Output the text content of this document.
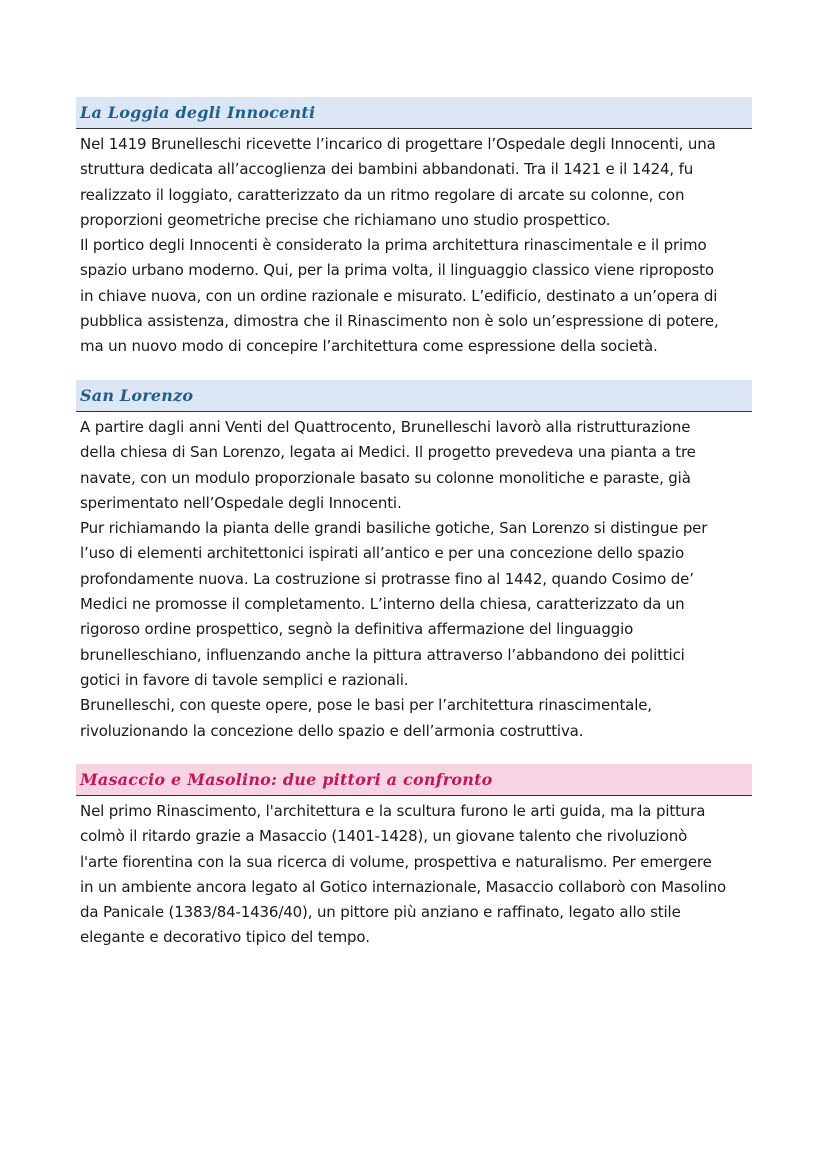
La Loggia degli Innocenti

Nel 1419 Brunelleschi ricevette l’incarico di progettare l’Ospedale degli Innocenti, una
struttura dedicata all’accoglienza dei bambini abbandonati. Tra il 1421 e il 1424, fu
realizzato il loggiato, caratterizzato da un ritmo regolare di arcate su colonne, con
proporzioni geometriche precise che richiamano uno studio prospettico.
Il portico degli Innocenti è considerato la prima architettura rinascimentale e il primo
spazio urbano moderno. Qui, per la prima volta, il linguaggio classico viene riproposto
in chiave nuova, con un ordine razionale e misurato. L’edificio, destinato a un’opera di
pubblica assistenza, dimostra che il Rinascimento non è solo un’espressione di potere,
ma un nuovo modo di concepire l’architettura come espressione della società.

San Lorenzo

A partire dagli anni Venti del Quattrocento, Brunelleschi lavorò alla ristrutturazione
della chiesa di San Lorenzo, legata ai Medici. Il progetto prevedeva una pianta a tre
navate, con un modulo proporzionale basato su colonne monolitiche e paraste, già
sperimentato nell’Ospedale degli Innocenti.
Pur richiamando la pianta delle grandi basiliche gotiche, San Lorenzo si distingue per
l’uso di elementi architettonici ispirati all’antico e per una concezione dello spazio
profondamente nuova. La costruzione si protrasse fino al 1442, quando Cosimo de’
Medici ne promosse il completamento. L’interno della chiesa, caratterizzato da un
rigoroso ordine prospettico, segnò la definitiva affermazione del linguaggio
brunelleschiano, influenzando anche la pittura attraverso l’abbandono dei polittici
gotici in favore di tavole semplici e razionali.
Brunelleschi, con queste opere, pose le basi per l’architettura rinascimentale,
rivoluzionando la concezione dello spazio e dell’armonia costruttiva.

Masaccio e Masolino: due pittori a confronto

Nel primo Rinascimento, l'architettura e la scultura furono le arti guida, ma la pittura
colmò il ritardo grazie a Masaccio (1401-1428), un giovane talento che rivoluzionò
l'arte fiorentina con la sua ricerca di volume, prospettiva e naturalismo. Per emergere
in un ambiente ancora legato al Gotico internazionale, Masaccio collaborò con Masolino
da Panicale (1383/84-1436/40), un pittore più anziano e raffinato, legato allo stile
elegante e decorativo tipico del tempo.
